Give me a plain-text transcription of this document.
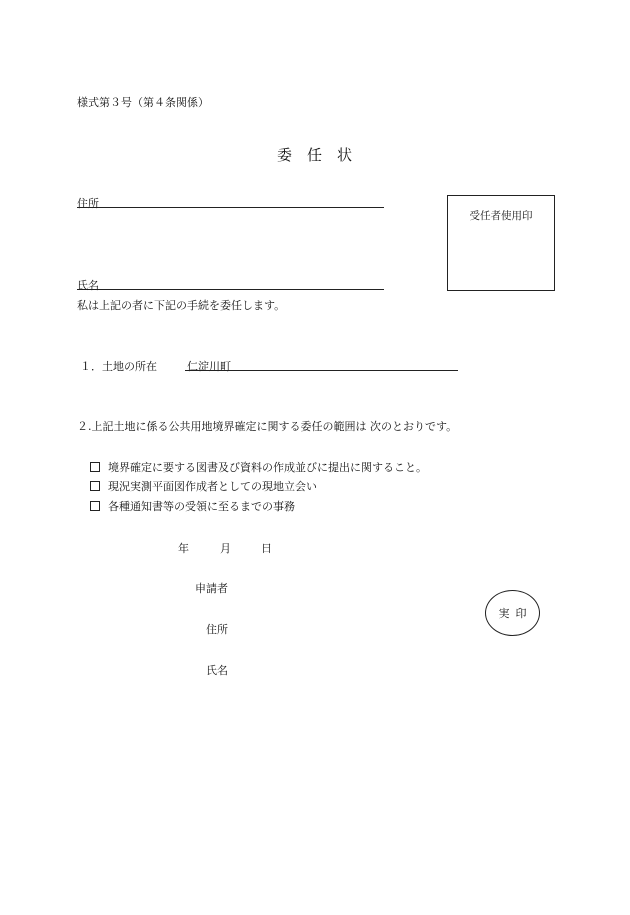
様式第３号（第４条関係）
委　任　状
住所
受任者使用印
氏名
私は上記の者に下記の手続を委任します。
１．土地の所在	仁淀川町
２.上記土地に係る公共用地境界確定に関する委任の範囲は 次のとおりです。
境界確定に要する図書及び資料の作成並びに提出に関すること。
現況実測平面図作成者としての現地立会い
各種通知書等の受領に至るまでの事務
年	月	日
申請者
住所
氏名
実印
